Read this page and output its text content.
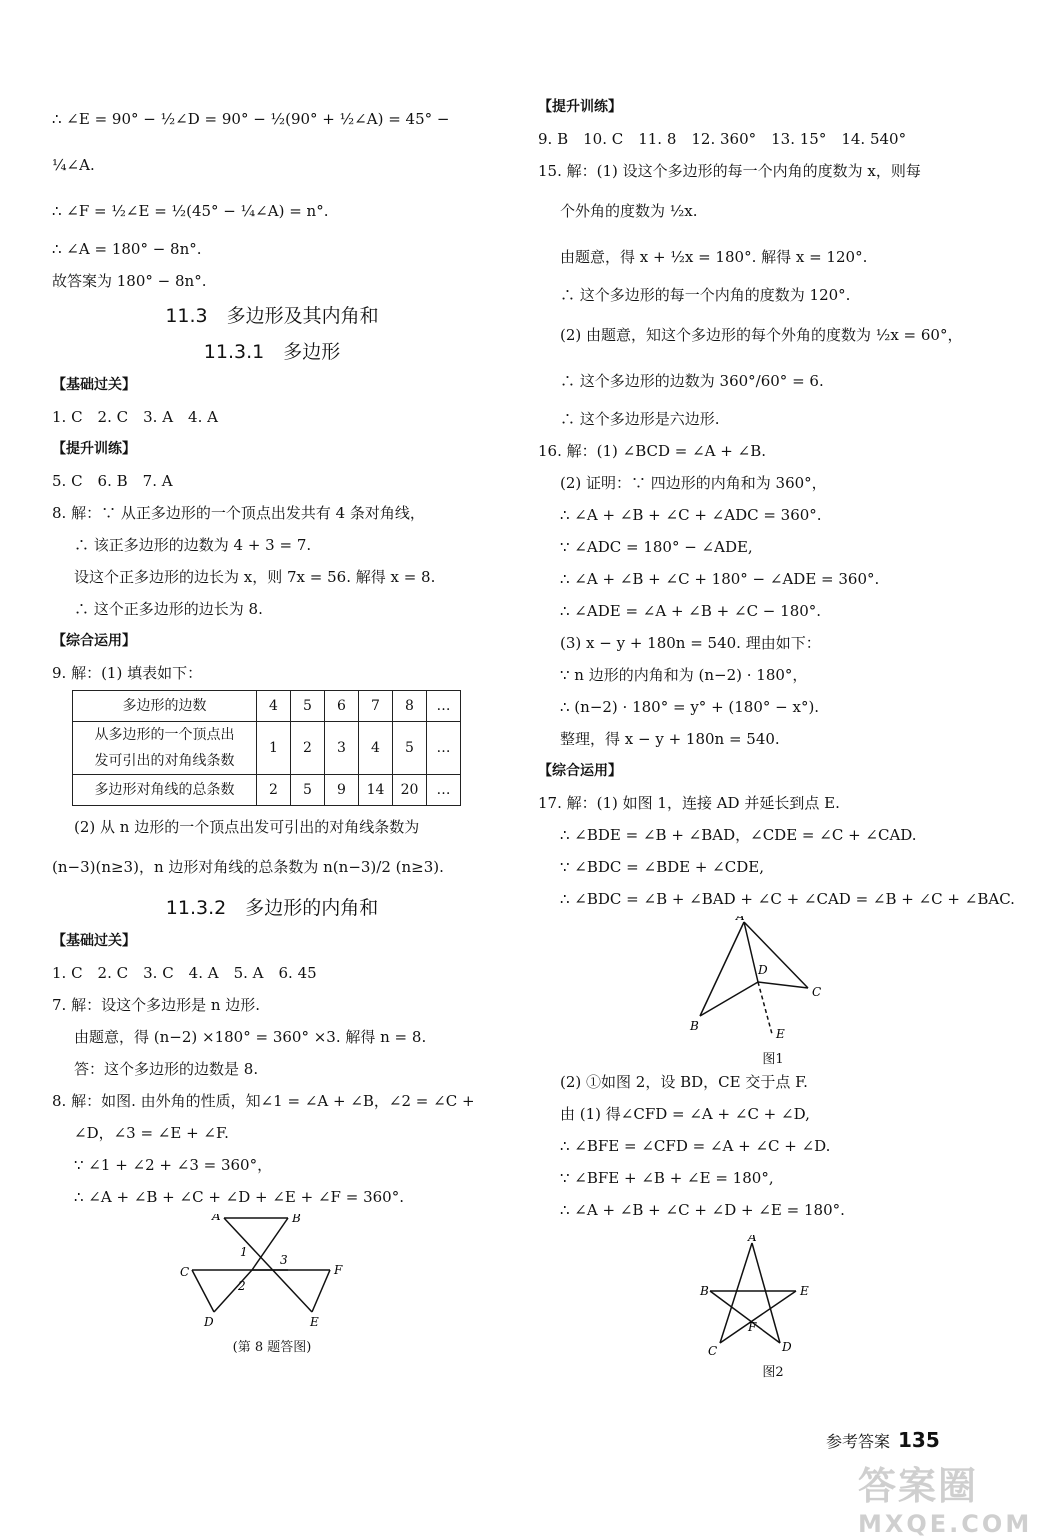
∴ ∠E = 90° − ½∠D = 90° − ½(90° + ½∠A) = 45° −
¼∠A.
∴ ∠F = ½∠E = ½(45° − ¼∠A) = n°.
∴ ∠A = 180° − 8n°.
故答案为 180° − 8n°.
11.3　多边形及其内角和
11.3.1　多边形
【基础过关】
1. C　2. C　3. A　4. A
【提升训练】
5. C　6. B　7. A
8. 解：∵ 从正多边形的一个顶点出发共有 4 条对角线，
∴ 该正多边形的边数为 4 + 3 = 7.
设这个正多边形的边长为 x，则 7x = 56. 解得 x = 8.
∴ 这个正多边形的边长为 8.
【综合运用】
9. 解：(1) 填表如下：
多边形的边数	4	5	6	7	8	…

从多边形的一个顶点出
发可引出的对角线条数	1	2	3	4	5	…
多边形对角线的总条数	2	5	9	14	20	…
(2) 从 n 边形的一个顶点出发可引出的对角线条数为
(n−3)(n≥3)，n 边形对角线的总条数为 n(n−3)/2 (n≥3).
11.3.2　多边形的内角和
【基础过关】
1. C　2. C　3. C　4. A　5. A　6. 45
7. 解：设这个多边形是 n 边形.
由题意，得 (n−2) ×180° = 360° ×3. 解得 n = 8.
答：这个多边形的边数是 8.
8. 解：如图. 由外角的性质，知∠1 = ∠A + ∠B，∠2 = ∠C +
∠D，∠3 = ∠E + ∠F.
∵ ∠1 + ∠2 + ∠3 = 360°，
∴ ∠A + ∠B + ∠C + ∠D + ∠E + ∠F = 360°.
A	B
C
D	E
F
1
2
3
(第 8 题答图)
【提升训练】
9. B　10. C　11. 8　12. 360°　13. 15°　14. 540°
15. 解：(1) 设这个多边形的每一个内角的度数为 x，则每
个外角的度数为 ½x.
由题意，得 x + ½x = 180°. 解得 x = 120°.
∴ 这个多边形的每一个内角的度数为 120°.
(2) 由题意，知这个多边形的每个外角的度数为 ½x = 60°，
∴ 这个多边形的边数为 360°/60° = 6.
∴ 这个多边形是六边形.
16. 解：(1) ∠BCD = ∠A + ∠B.
(2) 证明：∵ 四边形的内角和为 360°，
∴ ∠A + ∠B + ∠C + ∠ADC = 360°.
∵ ∠ADC = 180° − ∠ADE,
∴ ∠A + ∠B + ∠C + 180° − ∠ADE = 360°.
∴ ∠ADE = ∠A + ∠B + ∠C − 180°.
(3) x − y + 180n = 540. 理由如下：
∵ n 边形的内角和为 (n−2) · 180°，
∴ (n−2) · 180° = y° + (180° − x°).
整理，得 x − y + 180n = 540.
【综合运用】
17. 解：(1) 如图 1，连接 AD 并延长到点 E.
∴ ∠BDE = ∠B + ∠BAD，∠CDE = ∠C + ∠CAD.
∵ ∠BDC = ∠BDE + ∠CDE,
∴ ∠BDC = ∠B + ∠BAD + ∠C + ∠CAD = ∠B + ∠C + ∠BAC.
A
B
C
D
E
图1
(2) ①如图 2，设 BD，CE 交于点 F.
由 (1) 得∠CFD = ∠A + ∠C + ∠D,
∴ ∠BFE = ∠CFD = ∠A + ∠C + ∠D.
∵ ∠BFE + ∠B + ∠E = 180°,
∴ ∠A + ∠B + ∠C + ∠D + ∠E = 180°.
A
B
C	D
E
F
图2
参考答案 135
答案圈
MXQE.COM
